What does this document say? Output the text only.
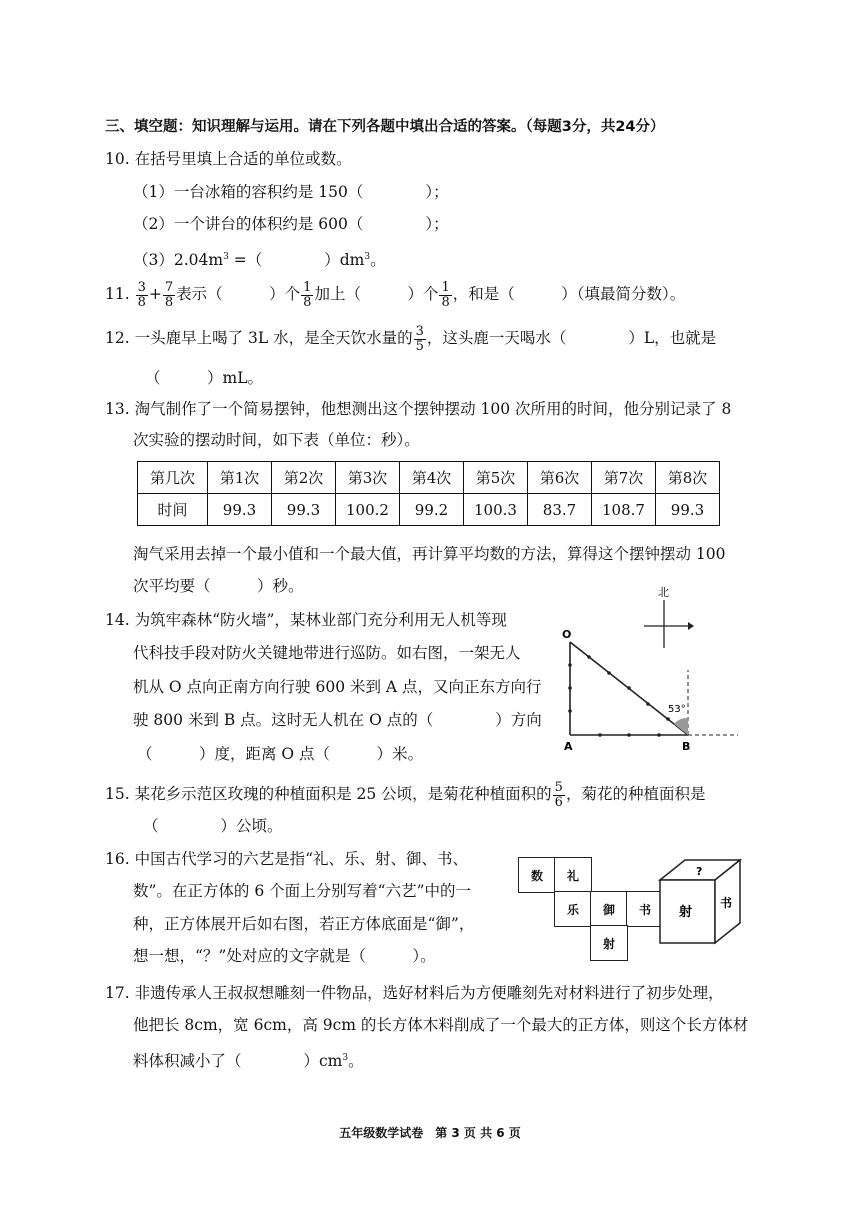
三、填空题：知识理解与运用。请在下列各题中填出合适的答案。（每题3分，共24分）
10. 在括号里填上合适的单位或数。
（1）一台冰箱的容积约是 150（　　　　）；
（2）一个讲台的体积约是 600（　　　　）；
$(3)2.04m^3$ =（　　　　）$dm^3$。
11. $\frac{3}{8} + \frac{7}{8}$ 表示（　　　）个 $\frac{1}{8}$ 加上（　　　）个 $\frac{1}{8}$ ，和是（　　　）（填最简分数）。
12. 一头鹿早上喝了 3L 水，是全天饮水量的 $\frac{3}{5}$ ，这头鹿一天喝水（　　　　）L，也就是
（　　　）mL。
13. 淘气制作了一个简易摆钟，他想测出这个摆钟摆动 100 次所用的时间，他分别记录了 8
次实验的摆动时间，如下表（单位：秒）。
第几次	第1次	第2次	第3次	第4次	第5次	第6次	第7次	第8次
时间	99.3	99.3	100.2	99.2	100.3	83.7	108.7	99.3
淘气采用去掉一个最小值和一个最大值，再计算平均数的方法，算得这个摆钟摆动 100
次平均要（　　　）秒。
14. 为筑牢森林“防火墙”，某林业部门充分利用无人机等现
代科技手段对防火关键地带进行巡防。如右图，一架无人
机从 O 点向正南方向行驶 600 米到 A 点，又向正东方向行
驶 800 米到 B 点。这时无人机在 O 点的（　　　　）方向
（　　　）度，距离 O 点（　　　）米。
北
O
A	B
53°
15. 某花乡示范区玫瑰的种植面积是 25 公顷，是菊花种植面积的 $\frac{5}{6}$ ，菊花的种植面积是
（　　　　）公顷。
16. 中国古代学习的六艺是指“礼、乐、射、御、书、
数”。在正方体的 6 个面上分别写着“六艺”中的一
种，正方体展开后如右图，若正方体底面是“御”，
想一想，“？”处对应的文字就是（　　　）。
数	礼
乐	御	书
射
?
射
书
17. 非遗传承人王叔叔想雕刻一件物品，选好材料后为方便雕刻先对材料进行了初步处理，
他把长 8cm，宽 6cm，高 9cm 的长方体木料削成了一个最大的正方体，则这个长方体材
料体积减小了（　　　　）$cm^3$。
五年级数学试卷　第 3 页 共 6 页
